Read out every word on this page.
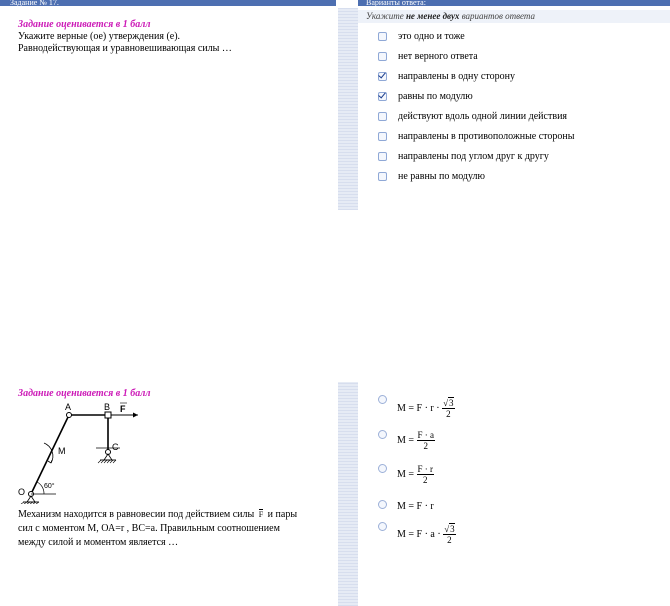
Задание № 17.	Варианты ответа:
Укажите не менее двух вариантов ответа
Задание оценивается в 1 балл
Укажите верные (ое) утверждения (е).
Равнодействующая и уравновешивающая силы …
это одно и тоже
нет верного ответа
направлены в одну сторону
равны по модулю
действуют вдоль одной линии действия
направлены в противоположные стороны
направлены под углом друг к другу
не равны по модулю
Задание оценивается в 1 балл
A	B F
C
M
O
60°
Механизм находится в равновесии под действием силы F и пары
сил с моментом М, ОА=r , ВС=a. Правильным соотношением
между силой и моментом является …
$M = F \cdot r \cdot \frac{√3}{2}$
$M = \frac{F \cdot a}{2}$
$M = \frac{F \cdot r}{2}$
M = F · r
$M = F \cdot a \cdot \frac{√3}{2}$
